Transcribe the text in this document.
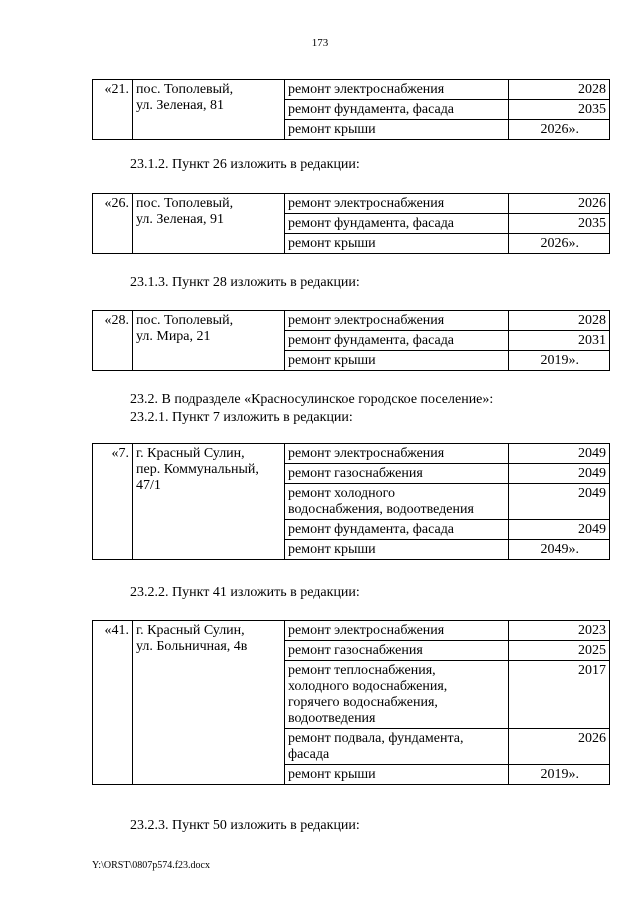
173
«21.	пос. Тополевый,
ул. Зеленая, 81	ремонт электроснабжения	2028

		ремонт фундамента, фасада	2035

		ремонт крыши	2026».
23.1.2. Пункт 26 изложить в редакции:
«26.	пос. Тополевый,
ул. Зеленая, 91	ремонт электроснабжения	2026

		ремонт фундамента, фасада	2035

		ремонт крыши	2026».
23.1.3. Пункт 28 изложить в редакции:
«28.	пос. Тополевый,
ул. Мира, 21	ремонт электроснабжения	2028

		ремонт фундамента, фасада	2031

		ремонт крыши	2019».
23.2. В подразделе «Красносулинское городское поселение»:
23.2.1. Пункт 7 изложить в редакции:
«7.	г. Красный Сулин,
пер. Коммунальный,
47/1	ремонт электроснабжения	2049

		ремонт газоснабжения	2049

		ремонт холодного
водоснабжения, водоотведения	2049

		ремонт фундамента, фасада	2049

		ремонт крыши	2049».
23.2.2. Пункт 41 изложить в редакции:
«41.	г. Красный Сулин,
ул. Больничная, 4в	ремонт электроснабжения	2023

		ремонт газоснабжения	2025

		ремонт теплоснабжения,
холодного водоснабжения,
горячего водоснабжения,
водоотведения	2017

		ремонт подвала, фундамента,
фасада	2026

		ремонт крыши	2019».
23.2.3. Пункт 50 изложить в редакции:
Y:\ORST\0807p574.f23.docx
